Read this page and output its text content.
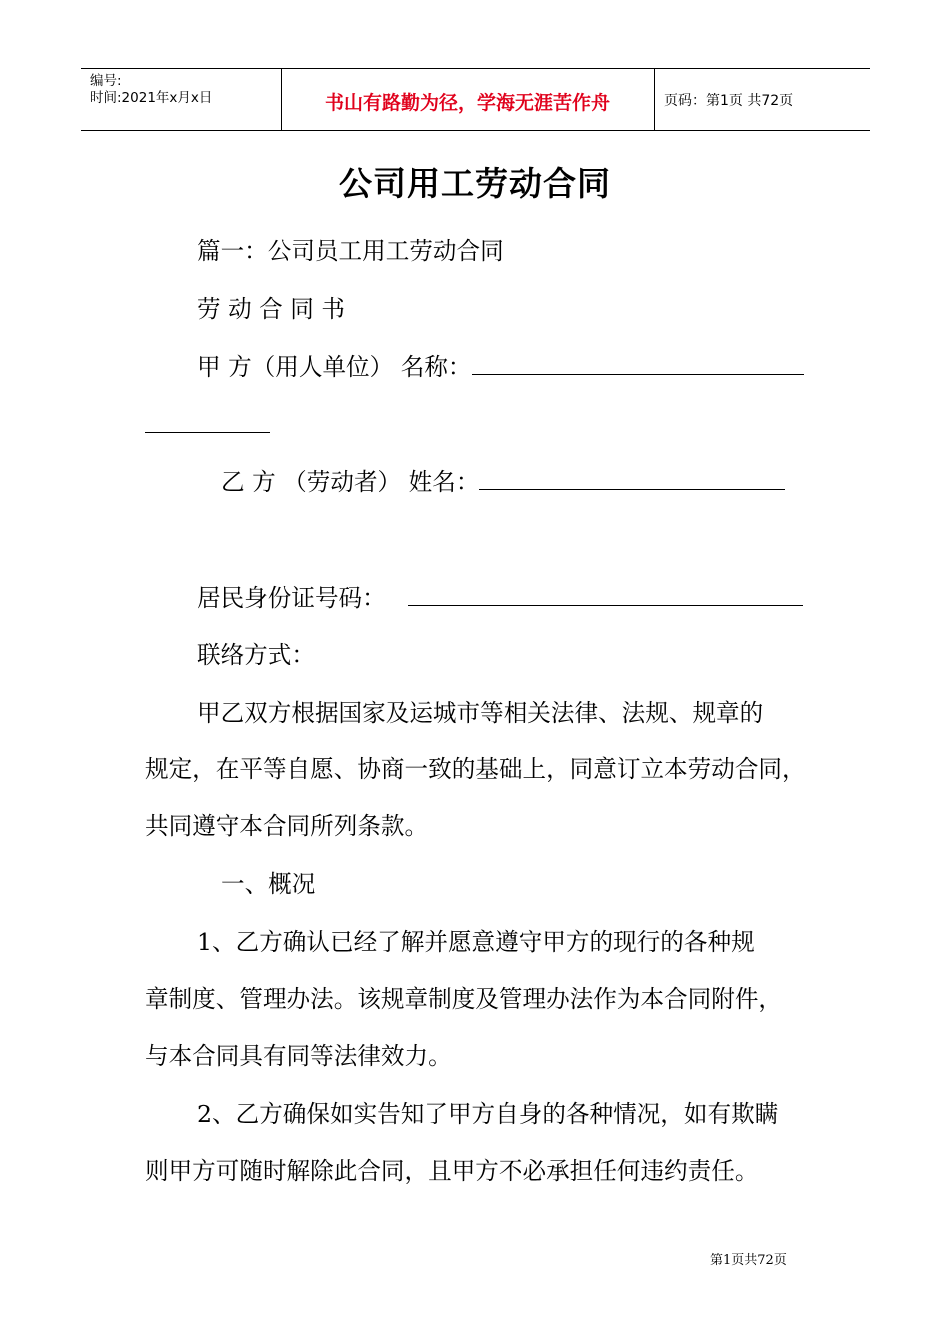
编号:
时间:2021年x月x日	书山有路勤为径，学海无涯苦作舟	页码：第1页 共72页
公司用工劳动合同
篇一：公司员工用工劳动合同
劳 动 合 同 书
甲 方（用人单位） 名称：
乙 方 （劳动者） 姓名：
居民身份证号码：
联络方式：
甲乙双方根据国家及运城市等相关法律、法规、规章的
规定，在平等自愿、协商一致的基础上，同意订立本劳动合同，
共同遵守本合同所列条款。
一、概况
1、乙方确认已经了解并愿意遵守甲方的现行的各种规
章制度、管理办法。该规章制度及管理办法作为本合同附件，
与本合同具有同等法律效力。
2、乙方确保如实告知了甲方自身的各种情况，如有欺瞒
则甲方可随时解除此合同，且甲方不必承担任何违约责任。
第1页共72页
